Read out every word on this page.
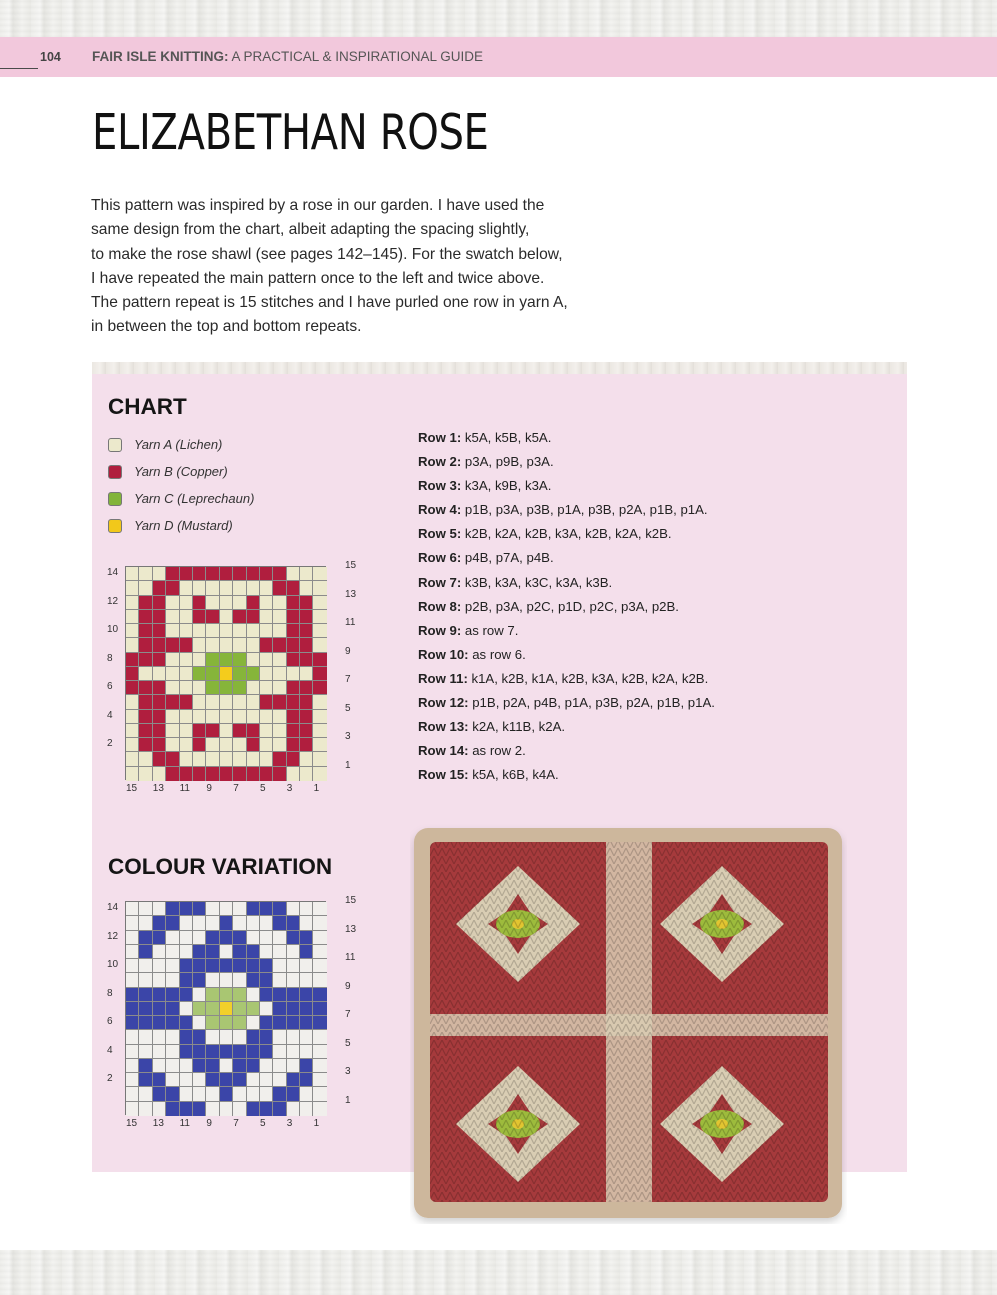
104 FAIR ISLE KNITTING: A PRACTICAL & INSPIRATIONAL GUIDE
ELIZABETHAN ROSE
This pattern was inspired by a rose in our garden. I have used the
same design from the chart, albeit adapting the spacing slightly,
to make the rose shawl (see pages 142–145). For the swatch below,
I have repeated the main pattern once to the left and twice above.
The pattern repeat is 15 stitches and I have purled one row in yarn A,
in between the top and bottom repeats.
CHART
Yarn A (Lichen)
Yarn B (Copper)
Yarn C (Leprechaun)
Yarn D (Mustard)
14
12
10
8
6
4
2
15
13
11
9
7
5
3
1
15 13 11 9 7 5 3 1
Row 1: k5A, k5B, k5A.
Row 2: p3A, p9B, p3A.
Row 3: k3A, k9B, k3A.
Row 4: p1B, p3A, p3B, p1A, p3B, p2A, p1B, p1A.
Row 5: k2B, k2A, k2B, k3A, k2B, k2A, k2B.
Row 6: p4B, p7A, p4B.
Row 7: k3B, k3A, k3C, k3A, k3B.
Row 8: p2B, p3A, p2C, p1D, p2C, p3A, p2B.
Row 9: as row 7.
Row 10: as row 6.
Row 11: k1A, k2B, k1A, k2B, k3A, k2B, k2A, k2B.
Row 12: p1B, p2A, p4B, p1A, p3B, p2A, p1B, p1A.
Row 13: k2A, k11B, k2A.
Row 14: as row 2.
Row 15: k5A, k6B, k4A.
COLOUR VARIATION
14
12
10
8
6
4
2
15
13
11
9
7
5
3
1
15 13 11 9 7 5 3 1
